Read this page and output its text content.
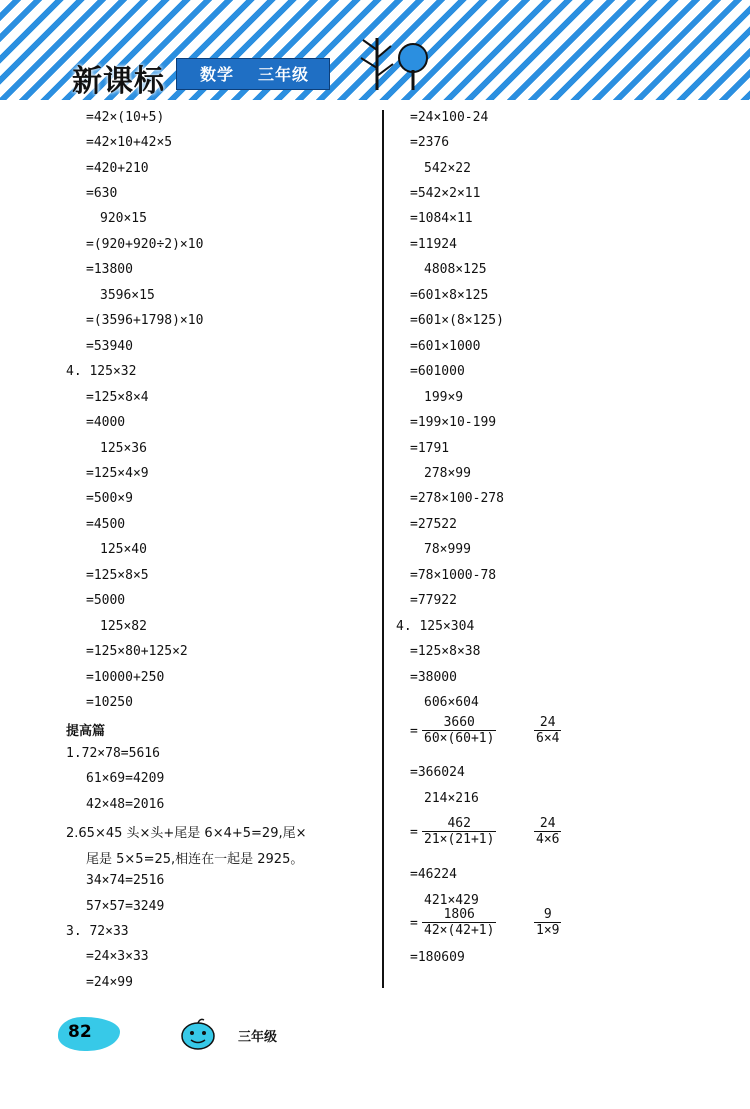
新课标 数学 三年级
=42×(10+5)
=42×10+42×5
=420+210
=630
920×15
=(920+920÷2)×10
=13800
3596×15
=(3596+1798)×10
=53940
4. 125×32
=125×8×4
=4000
125×36
=125×4×9
=500×9
=4500
125×40
=125×8×5
=5000
125×82
=125×80+125×2
=10000+250
=10250
提高篇
1.72×78=5616
61×69=4209
42×48=2016
2.65×45 头×头+尾是 6×4+5=29,尾×
尾是 5×5=25,相连在一起是 2925。
34×74=2516
57×57=3249
3. 72×33
=24×3×33
=24×99
=24×100-24
=2376
542×22
=542×2×11
=1084×11
=11924
4808×125
=601×8×125
=601×(8×125)
=601×1000
=601000
199×9
=199×10-199
=1791
278×99
=278×100-278
=27522
78×999
=78×1000-78
=77922
4. 125×304
=125×8×38
=38000
606×604
= $\frac{3660}{60\times(60+1)}$	$\frac{24}{6\times 4}$
=366024
214×216
= $\frac{462}{21\times(21+1)}$	$\frac{24}{4\times 6}$
=46224
421×429
= $\frac{1806}{42\times(42+1)}$	$\frac{9}{1\times 9}$
=180609
82	三年级
